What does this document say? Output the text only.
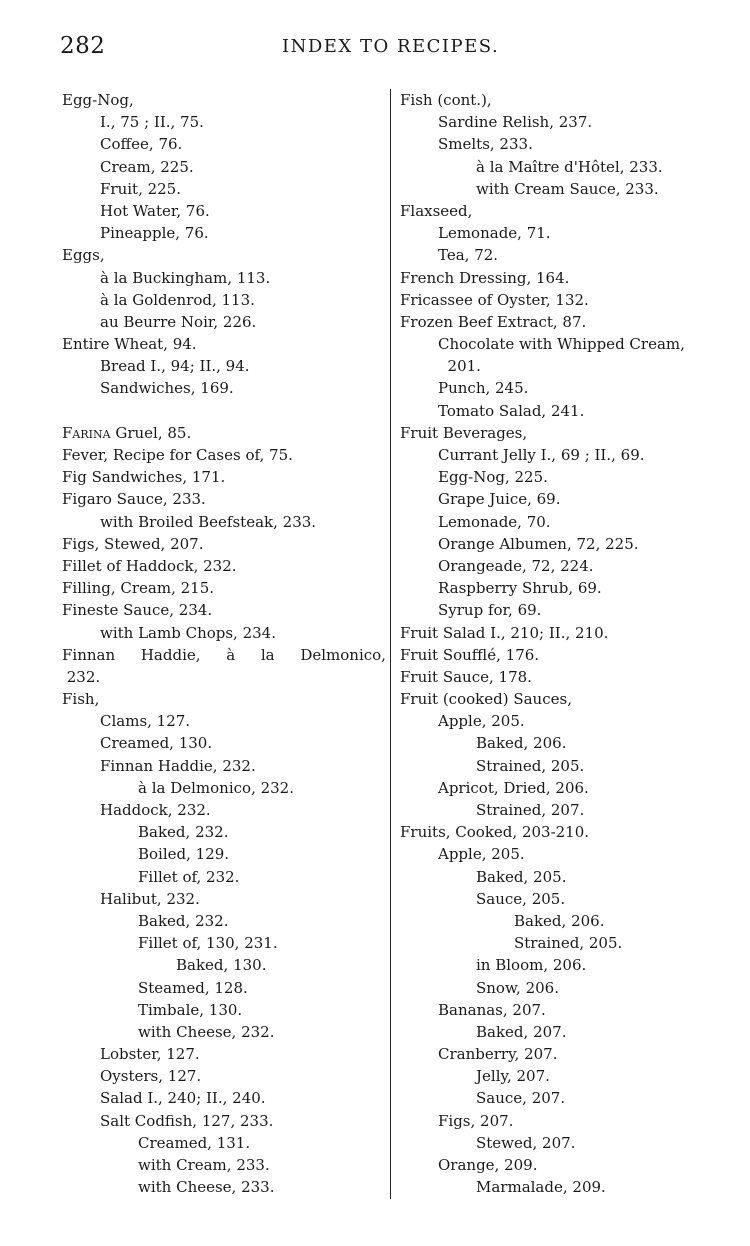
282	INDEX TO RECIPES.
Egg-Nog,
I., 75 ; II., 75.
Coffee, 76.
Cream, 225.
Fruit, 225.
Hot Water, 76.
Pineapple, 76.
Eggs,
à la Buckingham, 113.
à la Goldenrod, 113.
au Beurre Noir, 226.
Entire Wheat, 94.
Bread I., 94; II., 94.
Sandwiches, 169.
Farina Gruel, 85.
Fever, Recipe for Cases of, 75.
Fig Sandwiches, 171.
Figaro Sauce, 233.
with Broiled Beefsteak, 233.
Figs, Stewed, 207.
Fillet of Haddock, 232.
Filling, Cream, 215.
Fineste Sauce, 234.
with Lamb Chops, 234.
Finnan Haddie, à la Delmonico,
232.
Fish,
Clams, 127.
Creamed, 130.
Finnan Haddie, 232.
à la Delmonico, 232.
Haddock, 232.
Baked, 232.
Boiled, 129.
Fillet of, 232.
Halibut, 232.
Baked, 232.
Fillet of, 130, 231.
Baked, 130.
Steamed, 128.
Timbale, 130.
with Cheese, 232.
Lobster, 127.
Oysters, 127.
Salad I., 240; II., 240.
Salt Codfish, 127, 233.
Creamed, 131.
with Cream, 233.
with Cheese, 233.
Fish (cont.),
Sardine Relish, 237.
Smelts, 233.
à la Maître d'Hôtel, 233.
with Cream Sauce, 233.
Flaxseed,
Lemonade, 71.
Tea, 72.
French Dressing, 164.
Fricassee of Oyster, 132.
Frozen Beef Extract, 87.
Chocolate with Whipped Cream,
201.
Punch, 245.
Tomato Salad, 241.
Fruit Beverages,
Currant Jelly I., 69 ; II., 69.
Egg-Nog, 225.
Grape Juice, 69.
Lemonade, 70.
Orange Albumen, 72, 225.
Orangeade, 72, 224.
Raspberry Shrub, 69.
Syrup for, 69.
Fruit Salad I., 210; II., 210.
Fruit Soufflé, 176.
Fruit Sauce, 178.
Fruit (cooked) Sauces,
Apple, 205.
Baked, 206.
Strained, 205.
Apricot, Dried, 206.
Strained, 207.
Fruits, Cooked, 203-210.
Apple, 205.
Baked, 205.
Sauce, 205.
Baked, 206.
Strained, 205.
in Bloom, 206.
Snow, 206.
Bananas, 207.
Baked, 207.
Cranberry, 207.
Jelly, 207.
Sauce, 207.
Figs, 207.
Stewed, 207.
Orange, 209.
Marmalade, 209.
